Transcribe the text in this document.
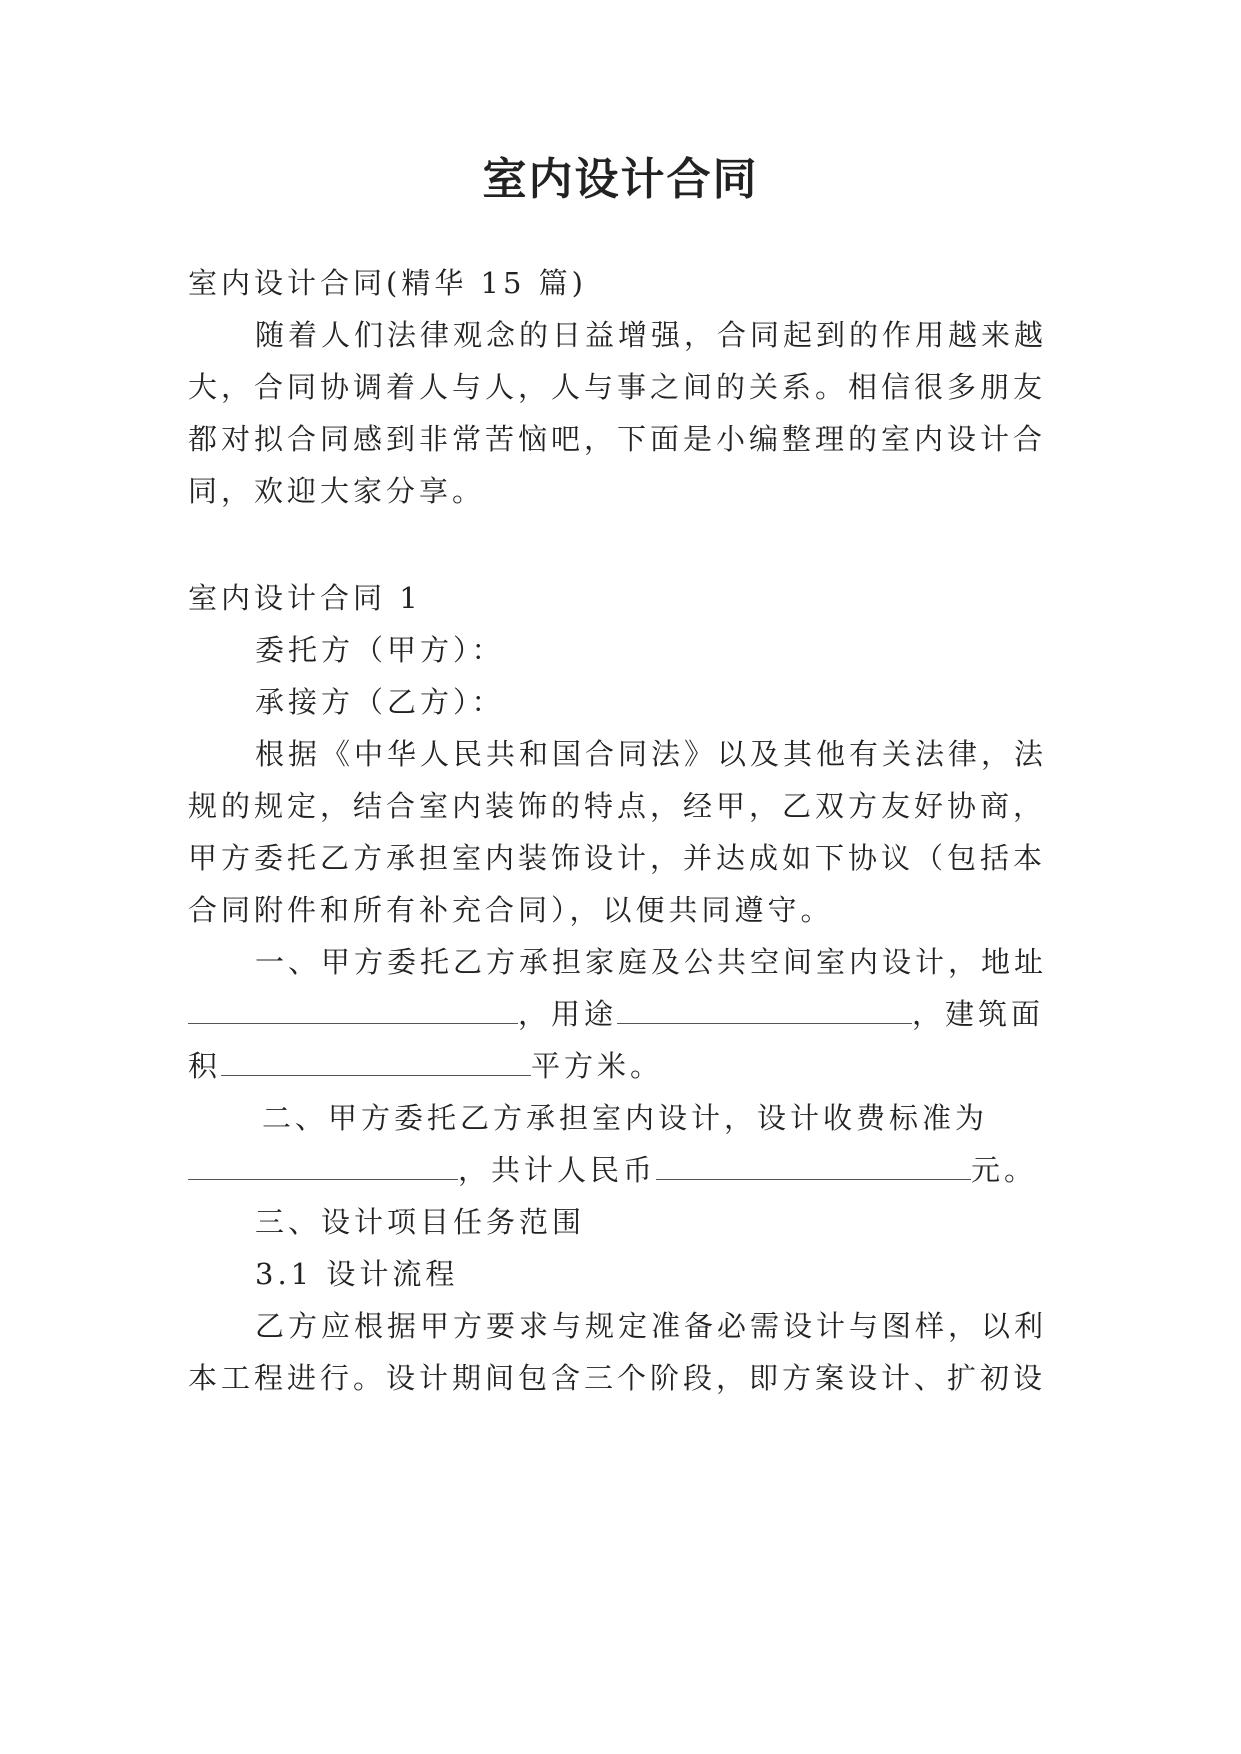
室内设计合同
室内设计合同(精华 15 篇)
随着人们法律观念的日益增强，合同起到的作用越来越
大，合同协调着人与人，人与事之间的关系。相信很多朋友
都对拟合同感到非常苦恼吧，下面是小编整理的室内设计合
同，欢迎大家分享。
室内设计合同 1
委托方（甲方）：
承接方（乙方）：
根据《中华人民共和国合同法》以及其他有关法律，法
规的规定，结合室内装饰的特点，经甲，乙双方友好协商，
甲方委托乙方承担室内装饰设计，并达成如下协议（包括本
合同附件和所有补充合同），以便共同遵守。
一、甲方委托乙方承担家庭及公共空间室内设计，地址
，用途	，建筑面
积	平方米。
二、甲方委托乙方承担室内设计，设计收费标准为
，共计人民币	元。
三、设计项目任务范围
3.1 设计流程
乙方应根据甲方要求与规定准备必需设计与图样，以利
本工程进行。设计期间包含三个阶段，即方案设计、扩初设
